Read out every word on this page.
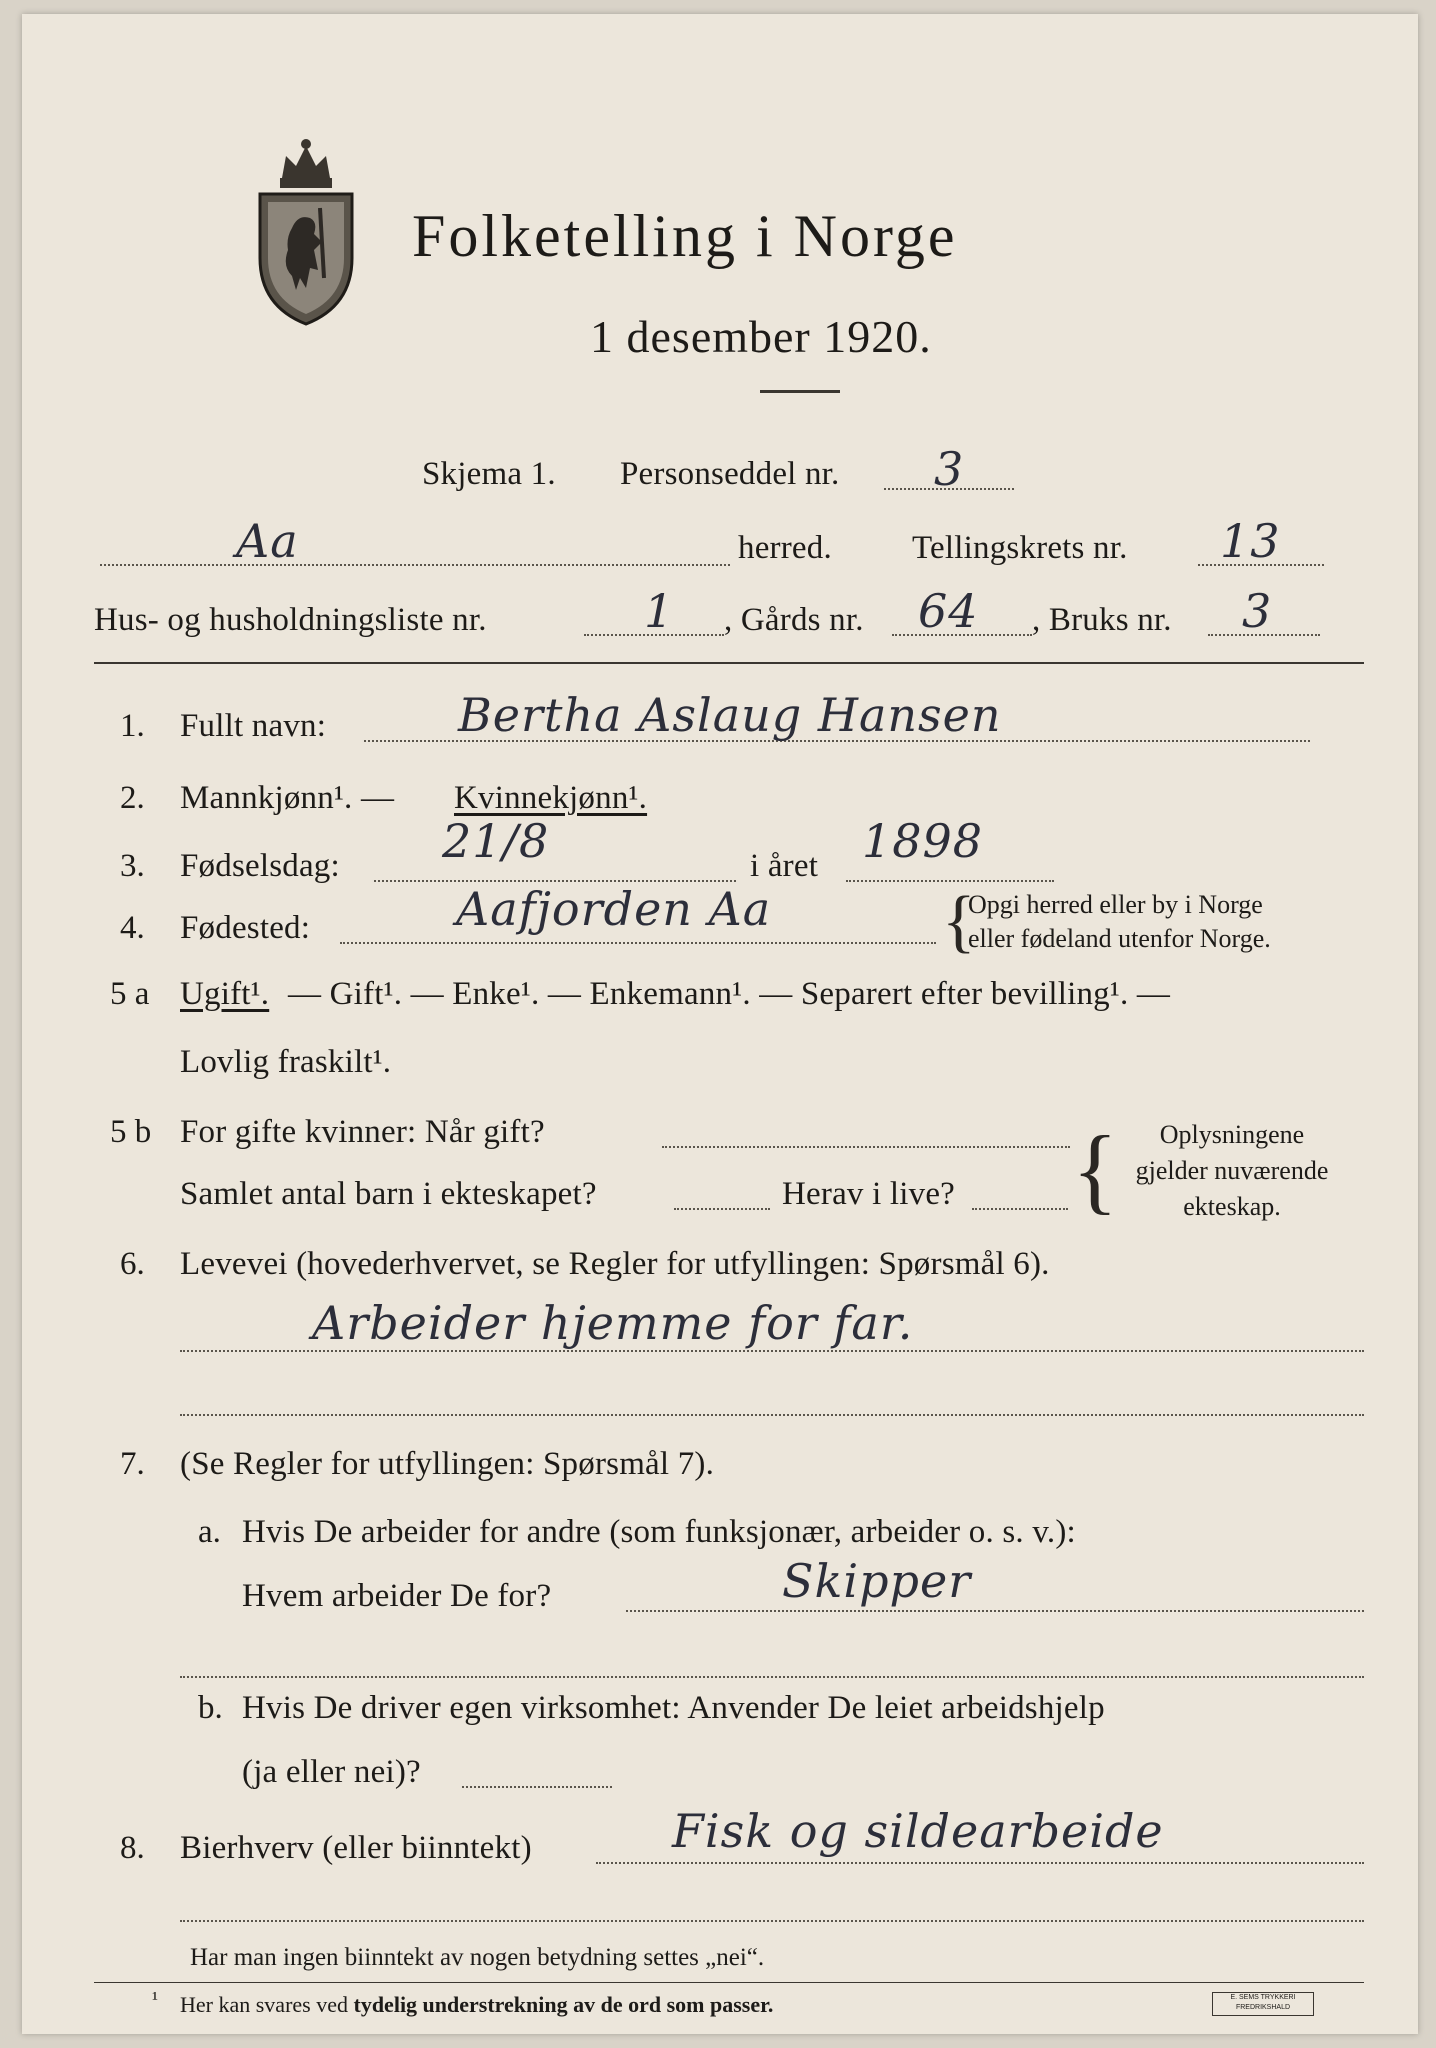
Folketelling i Norge
1 desember 1920.
Skjema 1. Personseddel nr. 3
Aa	herred. Tellingskrets nr. 13
Hus- og husholdningsliste nr.	1 , Gårds nr. 64 , Bruks nr. 3
1. Fullt navn:	Bertha Aslaug Hansen
2. Mannkjønn¹. — Kvinnekjønn¹.
3. Fødselsdag: 21/8	i året 1898
4. Fødested:	Aafjorden Aa {
Opgi herred eller by i Norge
eller fødeland utenfor Norge.
5 a Ugift¹. — Gift¹. — Enke¹. — Enkemann¹. — Separert efter bevilling¹. —
Lovlig fraskilt¹.
5 b For gifte kvinner: Når gift?
Samlet antal barn i ekteskapet?	Herav i live? {	Oplysningene
gjelder nuværende
ekteskap.
6. Levevei (hovederhvervet, se Regler for utfyllingen: Spørsmål 6).
Arbeider hjemme for far.
7. (Se Regler for utfyllingen: Spørsmål 7).
a. Hvis De arbeider for andre (som funksjonær, arbeider o. s. v.):
Hvem arbeider De for?	Skipper
b. Hvis De driver egen virksomhet: Anvender De leiet arbeidshjelp
(ja eller nei)?
8. Bierhverv (eller biinntekt)	Fisk og sildearbeide
Har man ingen biinntekt av nogen betydning settes „nei“.
¹ Her kan svares ved tydelig understrekning av de ord som passer.	E. SEMS TRYKKERI
FREDRIKSHALD
